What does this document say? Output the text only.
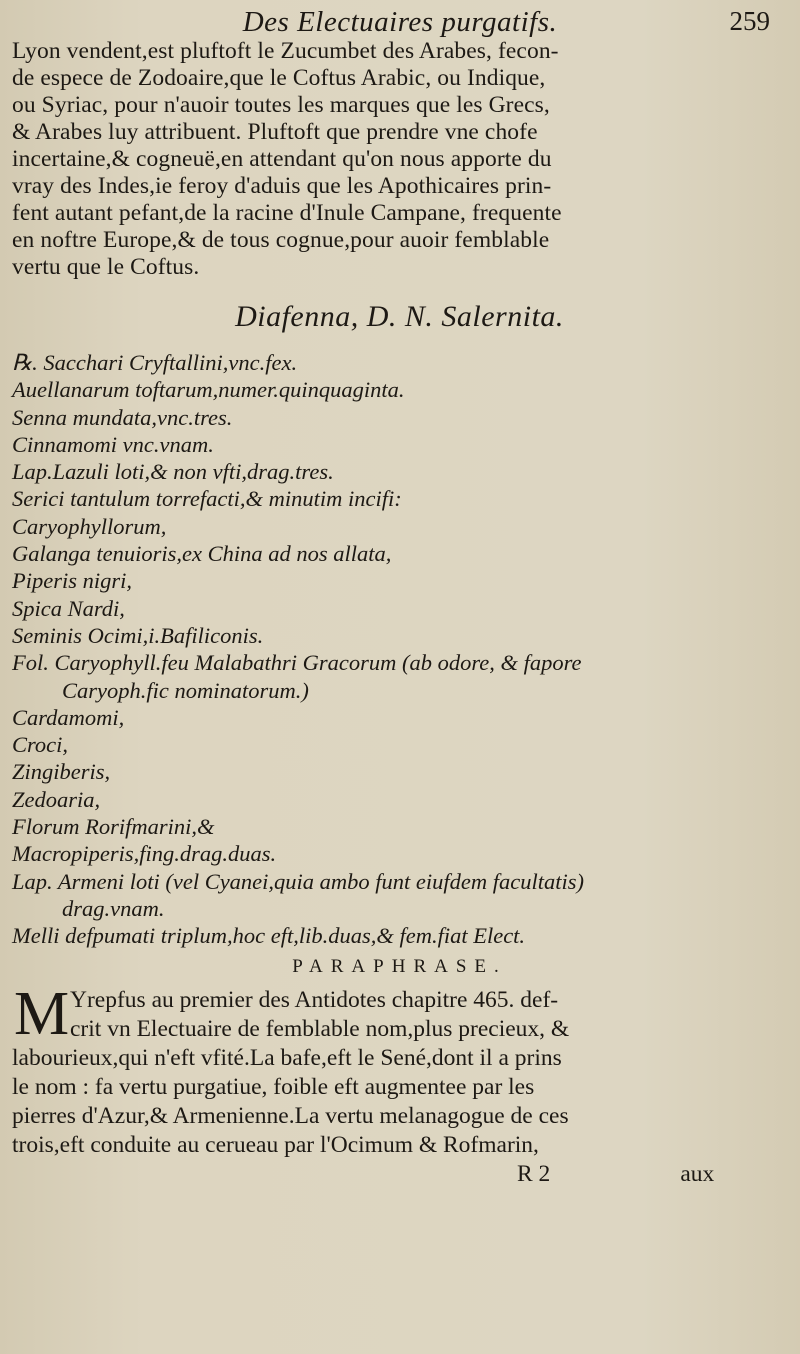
Des Electuaires purgatifs.	259
Lyon vendent,est pluftoft le Zucumbet des Arabes, fecon-
de espece de Zodoaire,que le Coftus Arabic, ou Indique,
ou Syriac, pour n'auoir toutes les marques que les Grecs,
& Arabes luy attribuent. Pluftoft que prendre vne chofe
incertaine,& cogneuë,en attendant qu'on nous apporte du
vray des Indes,ie feroy d'aduis que les Apothicaires prin-
fent autant pefant,de la racine d'Inule Campane, frequente
en noftre Europe,& de tous cognue,pour auoir femblable
vertu que le Coftus.
Diafenna, D. N. Salernita.
℞. Sacchari Cryftallini,vnc.fex.
Auellanarum toftarum,numer.quinquaginta.
Senna mundata,vnc.tres.
Cinnamomi vnc.vnam.
Lap.Lazuli loti,& non vfti,drag.tres.
Serici tantulum torrefacti,& minutim incifi:
Caryophyllorum,
Galanga tenuioris,ex China ad nos allata,
Piperis nigri,
Spica Nardi,
Seminis Ocimi,i.Bafiliconis.
Fol. Caryophyll.feu Malabathri Gracorum (ab odore, & fapore
Caryoph.fic nominatorum.)
Cardamomi,
Croci,
Zingiberis,
Zedoaria,
Florum Rorifmarini,&
Macropiperis,fing.drag.duas.
Lap. Armeni loti (vel Cyanei,quia ambo funt eiufdem facultatis)
drag.vnam.
Melli defpumati triplum,hoc eft,lib.duas,& fem.fiat Elect.
PARAPHRASE.
M Yrepfus au premier des Antidotes chapitre 465. def-
crit vn Electuaire de femblable nom,plus precieux, &
labourieux,qui n'eft vfité.La bafe,eft le Sené,dont il a prins
le nom : fa vertu purgatiue, foible eft augmentee par les
pierres d'Azur,& Armenienne.La vertu melanagogue de ces
trois,eft conduite au cerueau par l'Ocimum & Rofmarin,
R 2	aux
